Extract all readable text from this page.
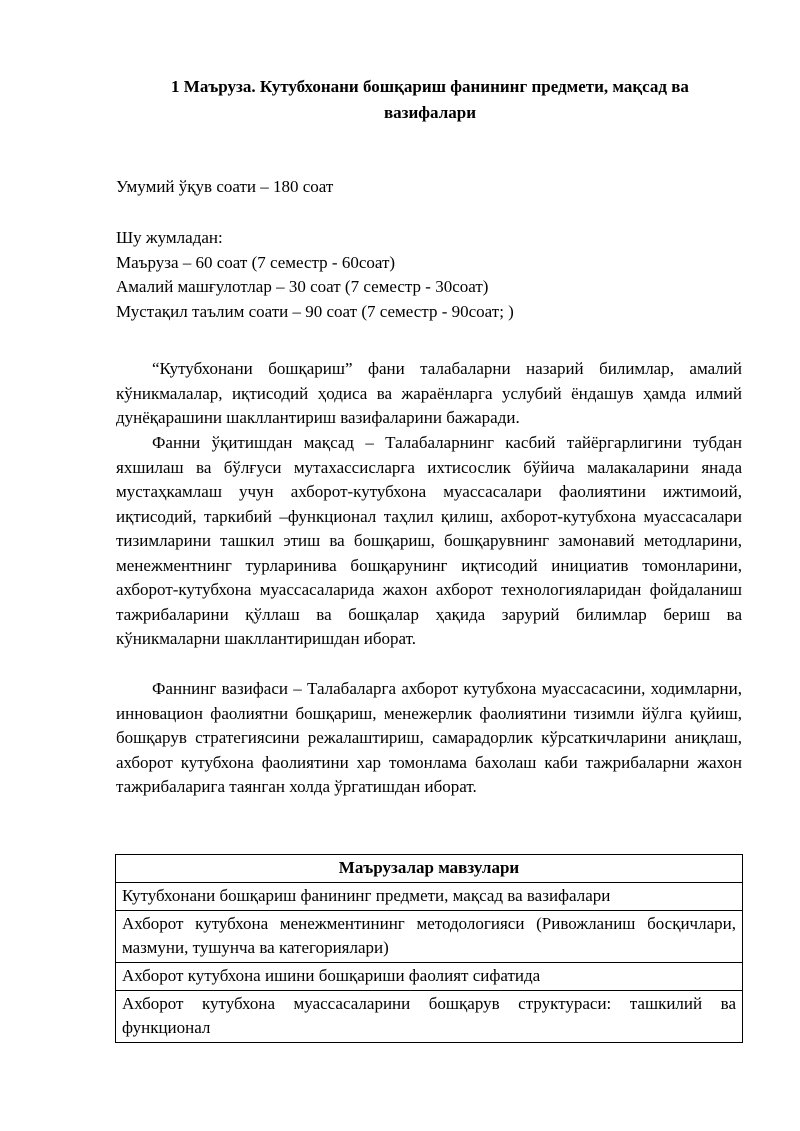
1 Маъруза. Кутубхонани бошқариш фанининг предмети, мақсад ва вазифалари
Умумий ўқув соати – 180 соат
Шу жумладан:
Маъруза – 60 соат (7 семестр - 60соат)
Амалий машғулотлар – 30 соат (7 семестр - 30соат)
Мустақил таълим соати – 90 соат (7 семестр - 90соат; )
“Кутубхонани бошқариш” фани талабаларни назарий билимлар, амалий кўникмалалар, иқтисодий ҳодиса ва жараёнларга услубий ёндашув ҳамда илмий дунёқарашини шакллантириш вазифаларини бажаради.
Фанни ўқитишдан мақсад – Талабаларнинг касбий тайёргарлигини тубдан яхшилаш ва бўлғуси мутахассисларга ихтисослик бўйича малакаларини янада мустаҳкамлаш учун ахборот-кутубхона муассасалари фаолиятини ижтимоий, иқтисодий, таркибий –функционал таҳлил қилиш, ахборот-кутубхона муассасалари тизимларини ташкил этиш ва бошқариш, бошқарувнинг замонавий методларини, менежментнинг турларинива бошқарунинг иқтисодий инициатив томонларини, ахборот-кутубхона муассасаларида жахон ахборот технологияларидан фойдаланиш тажрибаларини қўллаш ва бошқалар ҳақида зарурий билимлар бериш ва кўникмаларни шакллантиришдан иборат.
Фаннинг вазифаси – Талабаларга ахборот кутубхона муассасасини, ходимларни, инновацион фаолиятни бошқариш, менежерлик фаолиятини тизимли йўлга қуйиш, бошқарув стратегиясини режалаштириш, самарадорлик кўрсаткичларини аниқлаш, ахборот кутубхона фаолиятини хар томонлама бахолаш каби тажрибаларни жахон тажрибаларига таянган холда ўргатишдан иборат.
Маърузалар мавзулари
Кутубхонани бошқариш фанининг предмети, мақсад ва вазифалари
Ахборот кутубхона менежментининг методологияси (Ривожланиш босқичлари, мазмуни, тушунча ва категориялари)
Ахборот кутубхона ишини бошқариши фаолият сифатида
Ахборот кутубхона муассасаларини бошқарув структураси: ташкилий ва функционал
